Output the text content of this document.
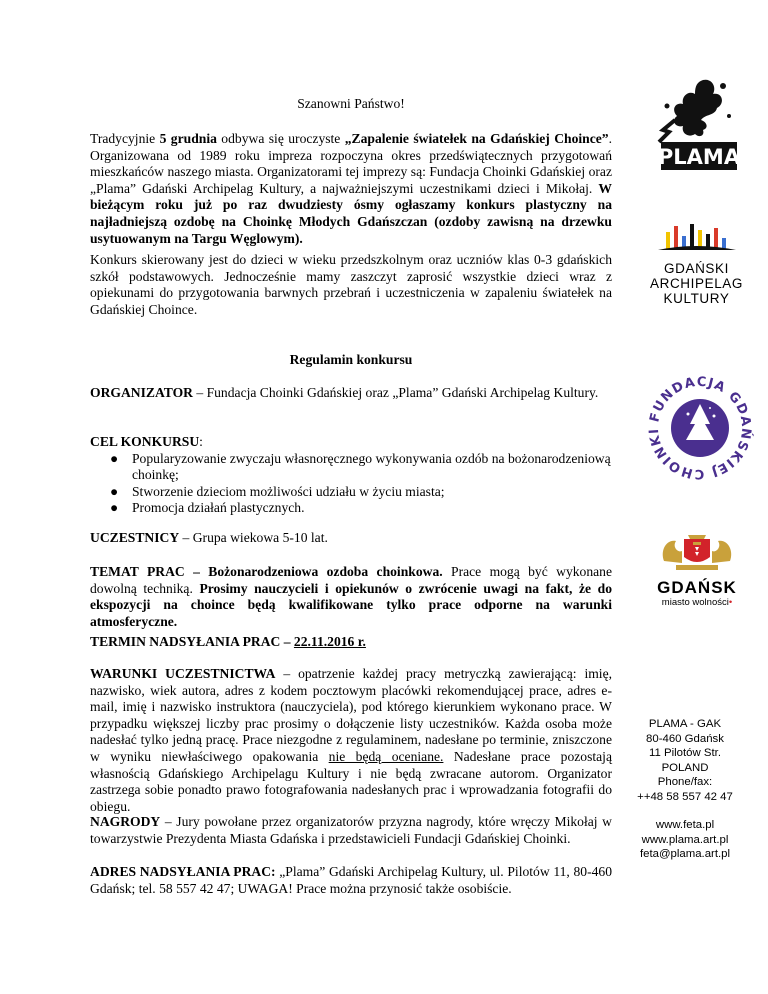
Szanowni Państwo!

Tradycyjnie 5 grudnia odbywa się uroczyste „Zapalenie światełek na Gdańskiej Choince”. Organizowana od 1989 roku impreza rozpoczyna okres przedświątecznych przygotowań mieszkańców naszego miasta. Organizatorami tej imprezy są: Fundacja Choinki Gdańskiej oraz „Plama” Gdański Archipelag Kultury, a najważniejszymi uczestnikami dzieci i Mikołaj. W bieżącym roku już po raz dwudziesty ósmy ogłaszamy konkurs plastyczny na najładniejszą ozdobę na Choinkę Młodych Gdańszczan (ozdoby zawisną na drzewku usytuowanym na Targu Węglowym).

Konkurs skierowany jest do dzieci w wieku przedszkolnym oraz uczniów klas 0-3 gdańskich szkół podstawowych. Jednocześnie mamy zaszczyt zaprosić wszystkie dzieci wraz z opiekunami do przygotowania barwnych przebrań i uczestniczenia w zapaleniu światełek na Gdańskiej Choince.

Regulamin konkursu

ORGANIZATOR – Fundacja Choinki Gdańskiej oraz „Plama” Gdański Archipelag Kultury.

CEL KONKURSU:

● Popularyzowanie zwyczaju własnoręcznego wykonywania ozdób na bożonarodzeniową choinkę;
● Stworzenie dzieciom możliwości udziału w życiu miasta;
● Promocja działań plastycznych.

UCZESTNICY – Grupa wiekowa 5-10 lat.

TEMAT PRAC – Bożonarodzeniowa ozdoba choinkowa. Prace mogą być wykonane dowolną techniką. Prosimy nauczycieli i opiekunów o zwrócenie uwagi na fakt, że do ekspozycji na choince będą kwalifikowane tylko prace odporne na warunki atmosferyczne.

TERMIN NADSYŁANIA PRAC – 22.11.2016 r.

WARUNKI UCZESTNICTWA – opatrzenie każdej pracy metryczką zawierającą: imię, nazwisko, wiek autora, adres z kodem pocztowym placówki rekomendującej prace, adres e-mail, imię i nazwisko instruktora (nauczyciela), pod którego kierunkiem wykonano prace. W przypadku większej liczby prac prosimy o dołączenie listy uczestników. Każda osoba może nadesłać tylko jedną pracę. Prace niezgodne z regulaminem, nadesłane po terminie, zniszczone w wyniku niewłaściwego opakowania nie będą oceniane. Nadesłane prace pozostają własnością Gdańskiego Archipelagu Kultury i nie będą zwracane autorom. Organizator zastrzega sobie ponadto prawo fotografowania nadesłanych prac i wprowadzania fotografii do obiegu.

NAGRODY – Jury powołane przez organizatorów przyzna nagrody, które wręczy Mikołaj w towarzystwie Prezydenta Miasta Gdańska i przedstawicieli Fundacji Gdańskiej Choinki.

ADRES NADSYŁANIA PRAC: „Plama” Gdański Archipelag Kultury, ul. Pilotów 11, 80-460 Gdańsk; tel. 58 557 42 47; UWAGA! Prace można przynosić także osobiście.

PLAMA
GDAŃSKI
ARCHIPELAG
KULTURY
FUNDACJA GDAŃSKIEJ CHOINKI
GDAŃSK
miasto wolności•
PLAMA - GAK
80-460 Gdańsk
11 Pilotów Str.
POLAND
Phone/fax:
++48 58 557 42 47
www.feta.pl
www.plama.art.pl
feta@plama.art.pl
